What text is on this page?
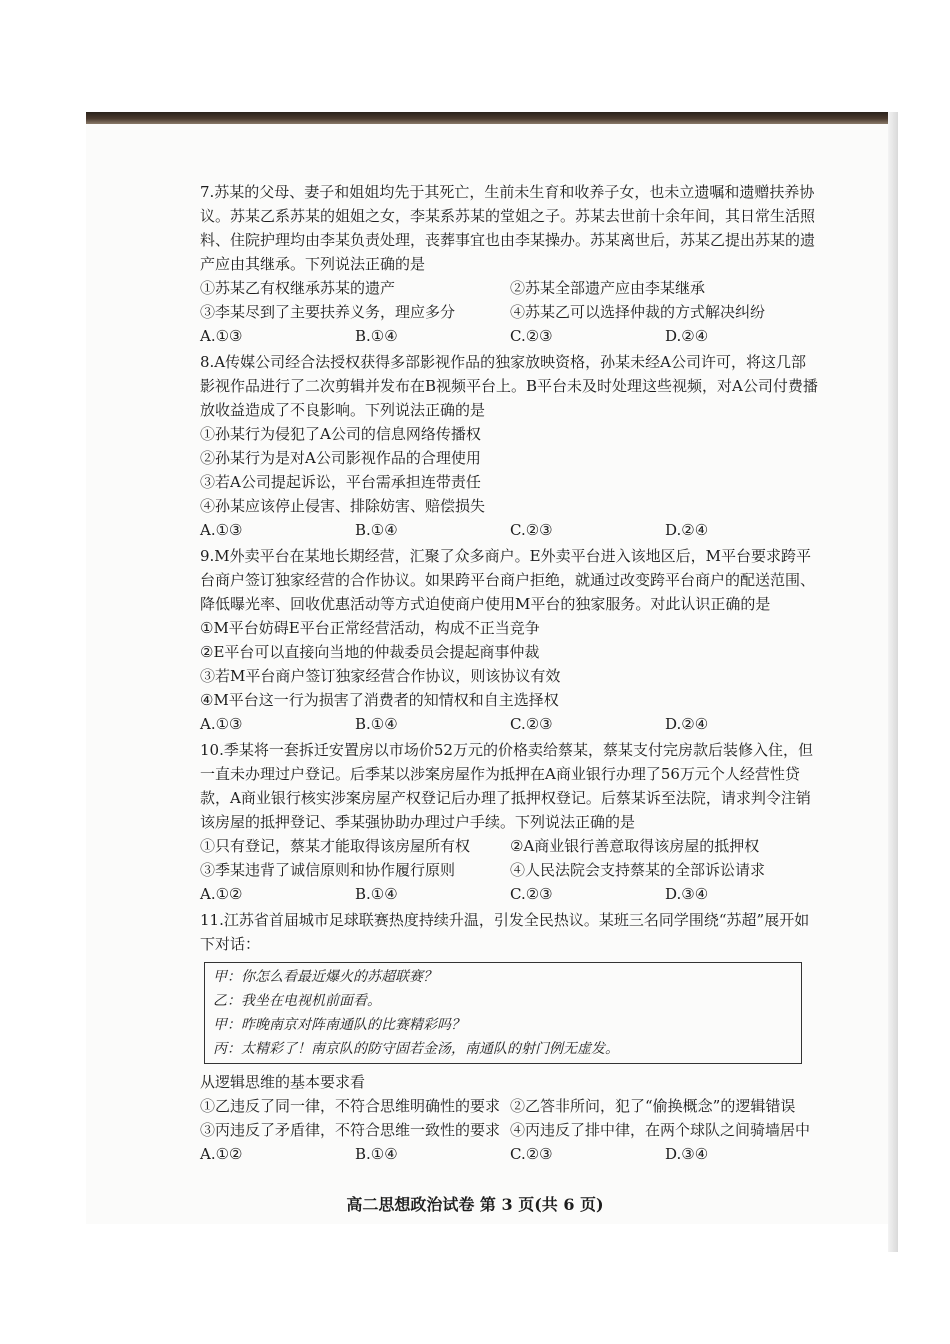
7.苏某的父母、妻子和姐姐均先于其死亡，生前未生育和收养子女，也未立遗嘱和遗赠扶养协议。苏某乙系苏某的姐姐之女，李某系苏某的堂姐之子。苏某去世前十余年间，其日常生活照料、住院护理均由李某负责处理，丧葬事宜也由李某操办。苏某离世后，苏某乙提出苏某的遗产应由其继承。下列说法正确的是
①苏某乙有权继承苏某的遗产	②苏某全部遗产应由李某继承
③李某尽到了主要扶养义务，理应多分	④苏某乙可以选择仲裁的方式解决纠纷
A.①③	B.①④	C.②③	D.②④
8.A传媒公司经合法授权获得多部影视作品的独家放映资格，孙某未经A公司许可，将这几部影视作品进行了二次剪辑并发布在B视频平台上。B平台未及时处理这些视频，对A公司付费播放收益造成了不良影响。下列说法正确的是
①孙某行为侵犯了A公司的信息网络传播权
②孙某行为是对A公司影视作品的合理使用
③若A公司提起诉讼，平台需承担连带责任
④孙某应该停止侵害、排除妨害、赔偿损失
A.①③	B.①④	C.②③	D.②④
9.M外卖平台在某地长期经营，汇聚了众多商户。E外卖平台进入该地区后，M平台要求跨平台商户签订独家经营的合作协议。如果跨平台商户拒绝，就通过改变跨平台商户的配送范围、降低曝光率、回收优惠活动等方式迫使商户使用M平台的独家服务。对此认识正确的是
①M平台妨碍E平台正常经营活动，构成不正当竞争
②E平台可以直接向当地的仲裁委员会提起商事仲裁
③若M平台商户签订独家经营合作协议，则该协议有效
④M平台这一行为损害了消费者的知情权和自主选择权
A.①③	B.①④	C.②③	D.②④
10.季某将一套拆迁安置房以市场价52万元的价格卖给蔡某，蔡某支付完房款后装修入住，但一直未办理过户登记。后季某以涉案房屋作为抵押在A商业银行办理了56万元个人经营性贷款，A商业银行核实涉案房屋产权登记后办理了抵押权登记。后蔡某诉至法院，请求判令注销该房屋的抵押登记、季某强协助办理过户手续。下列说法正确的是
①只有登记，蔡某才能取得该房屋所有权	②A商业银行善意取得该房屋的抵押权
③季某违背了诚信原则和协作履行原则	④人民法院会支持蔡某的全部诉讼请求
A.①②	B.①④	C.②③	D.③④
11.江苏省首届城市足球联赛热度持续升温，引发全民热议。某班三名同学围绕“苏超”展开如下对话：
甲：你怎么看最近爆火的苏超联赛？
乙：我坐在电视机前面看。
甲：昨晚南京对阵南通队的比赛精彩吗？
丙：太精彩了！南京队的防守固若金汤，南通队的射门例无虚发。
从逻辑思维的基本要求看
①乙违反了同一律，不符合思维明确性的要求 ②乙答非所问，犯了“偷换概念”的逻辑错误
③丙违反了矛盾律，不符合思维一致性的要求 ④丙违反了排中律，在两个球队之间骑墙居中
A.①②	B.①④	C.②③	D.③④
高二思想政治试卷 第 3 页(共 6 页)
